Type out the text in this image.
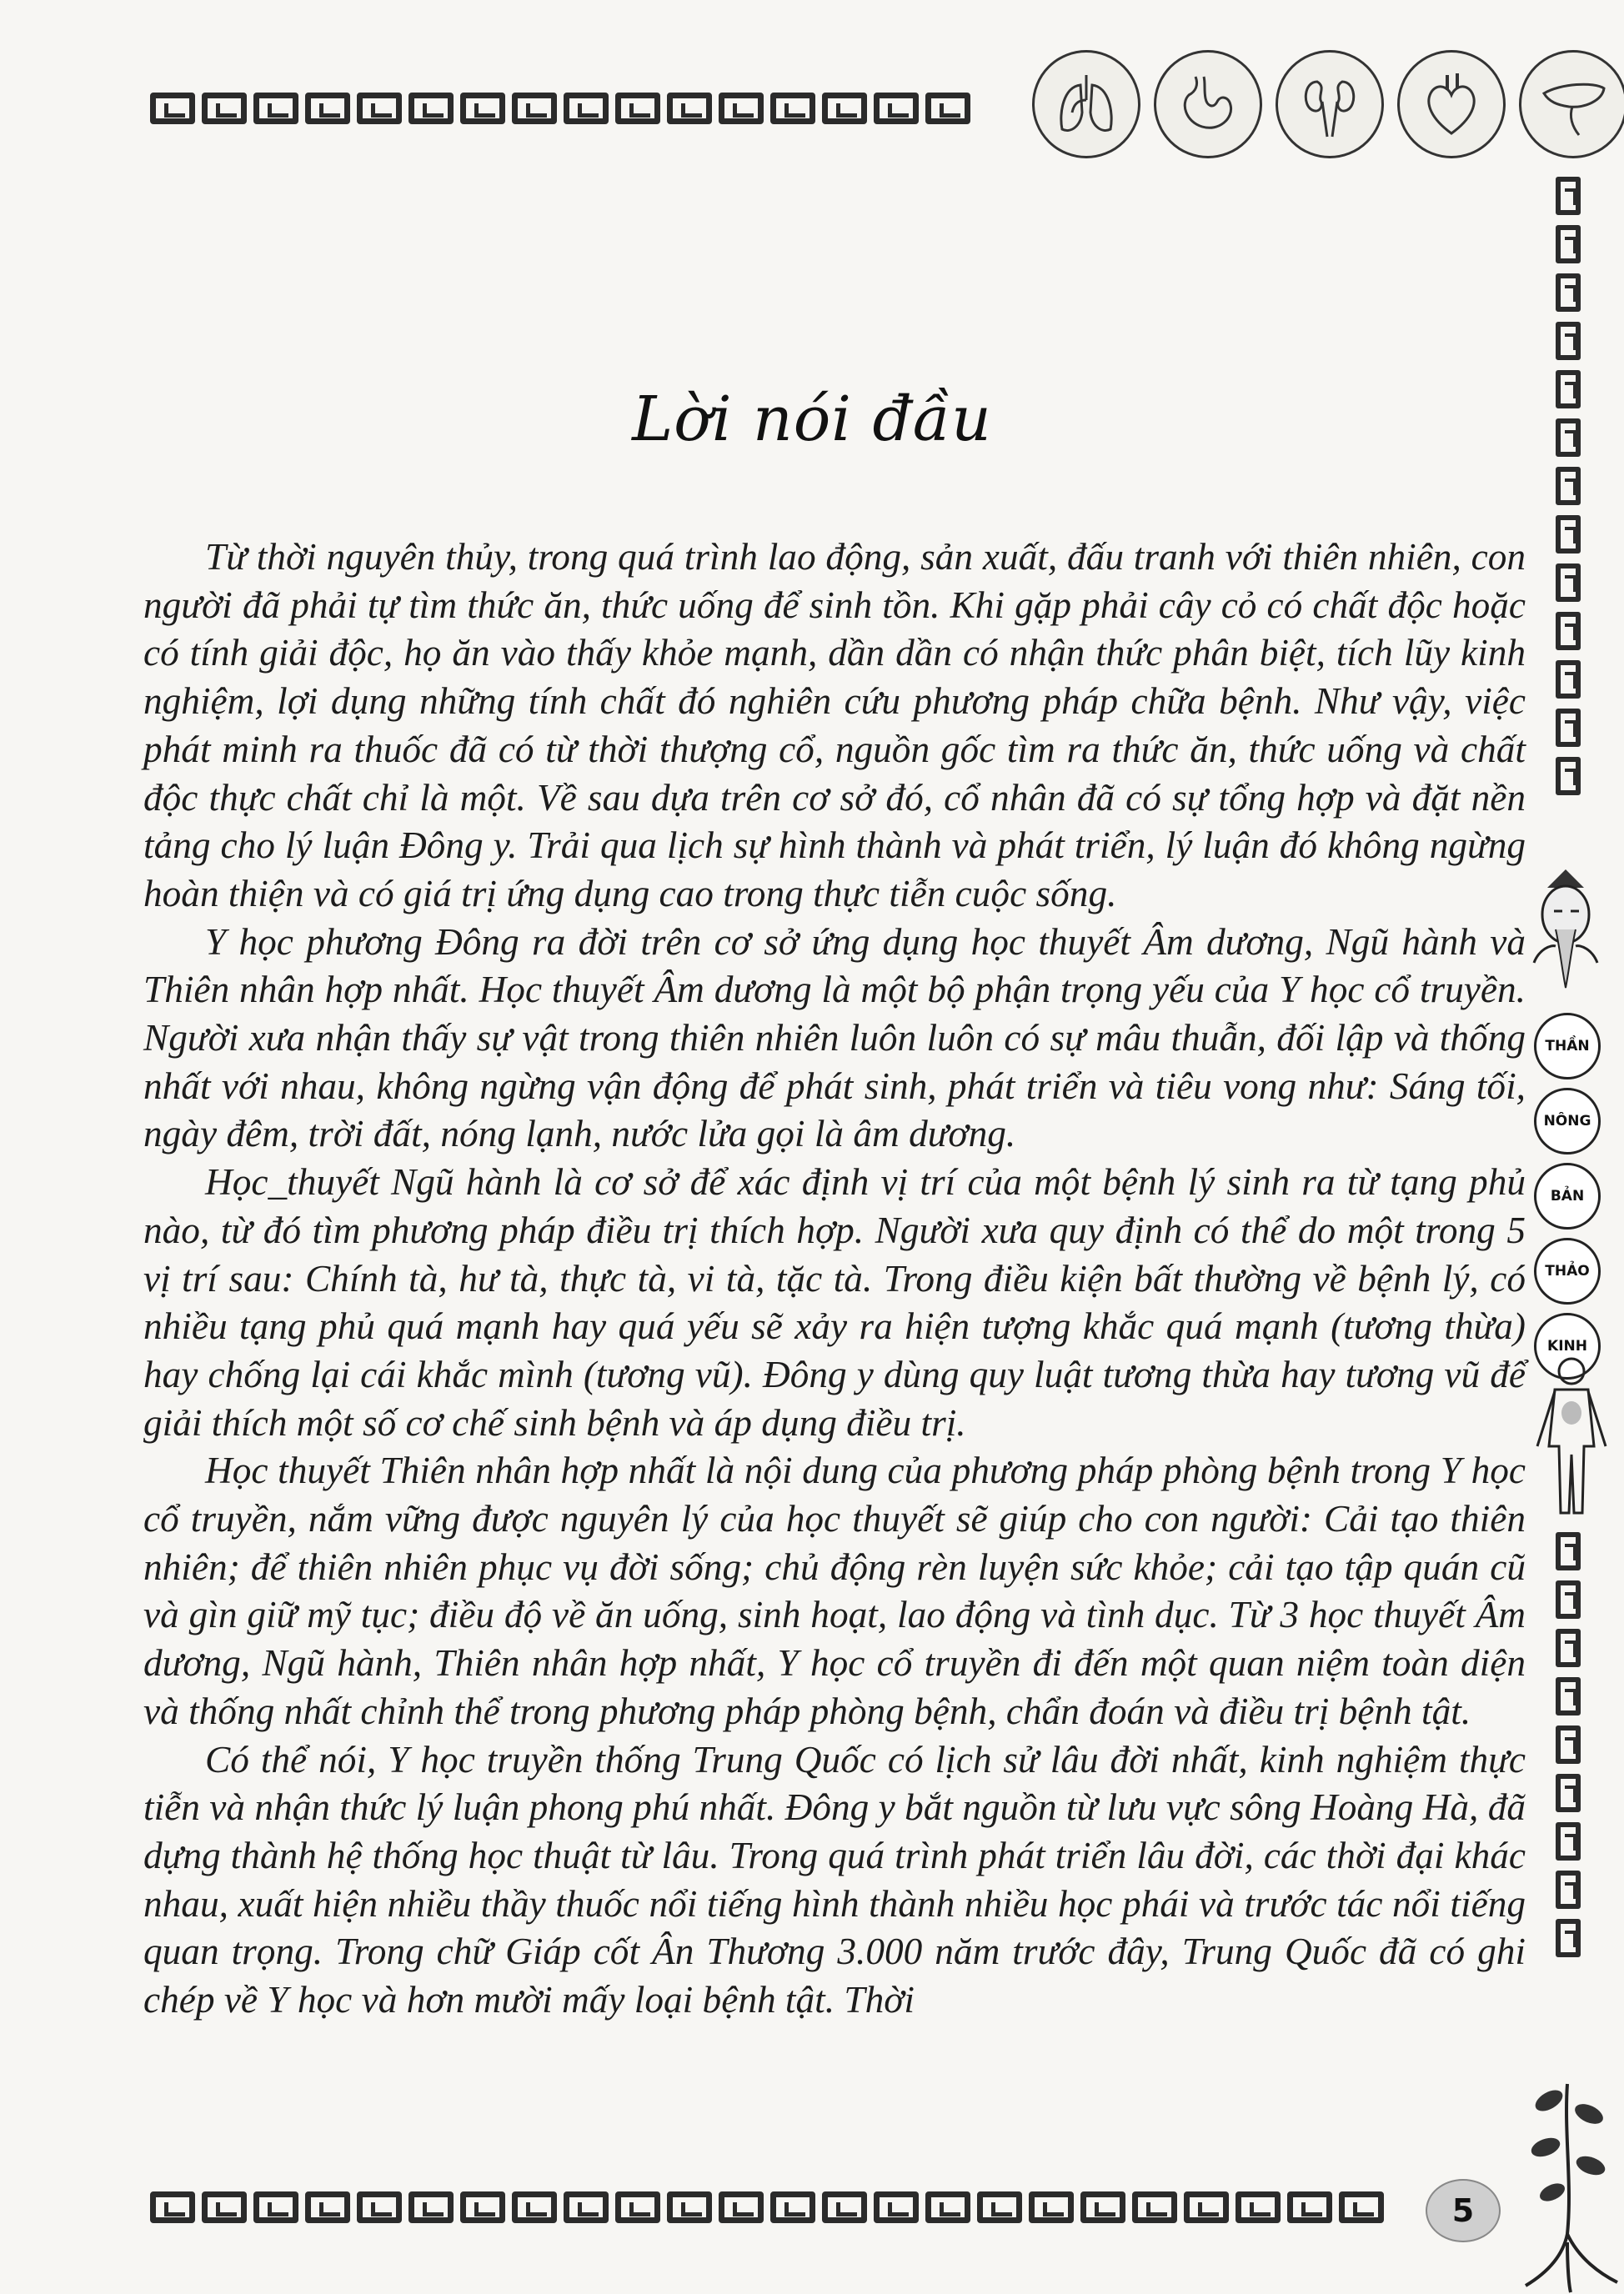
THẦN
NÔNG
BẢN
THẢO
KINH
Lời nói đầu

Từ thời nguyên thủy, trong quá trình lao động, sản xuất, đấu tranh với thiên nhiên, con người đã phải tự tìm thức ăn, thức uống để sinh tồn. Khi gặp phải cây cỏ có chất độc hoặc có tính giải độc, họ ăn vào thấy khỏe mạnh, dần dần có nhận thức phân biệt, tích lũy kinh nghiệm, lợi dụng những tính chất đó nghiên cứu phương pháp chữa bệnh. Như vậy, việc phát minh ra thuốc đã có từ thời thượng cổ, nguồn gốc tìm ra thức ăn, thức uống và chất độc thực chất chỉ là một. Về sau dựa trên cơ sở đó, cổ nhân đã có sự tổng hợp và đặt nền tảng cho lý luận Đông y. Trải qua lịch sự hình thành và phát triển, lý luận đó không ngừng hoàn thiện và có giá trị ứng dụng cao trong thực tiễn cuộc sống.

Y học phương Đông ra đời trên cơ sở ứng dụng học thuyết Âm dương, Ngũ hành và Thiên nhân hợp nhất. Học thuyết Âm dương là một bộ phận trọng yếu của Y học cổ truyền. Người xưa nhận thấy sự vật trong thiên nhiên luôn luôn có sự mâu thuẫn, đối lập và thống nhất với nhau, không ngừng vận động để phát sinh, phát triển và tiêu vong như: Sáng tối, ngày đêm, trời đất, nóng lạnh, nước lửa gọi là âm dương.

Học_thuyết Ngũ hành là cơ sở để xác định vị trí của một bệnh lý sinh ra từ tạng phủ nào, từ đó tìm phương pháp điều trị thích hợp. Người xưa quy định có thể do một trong 5 vị trí sau: Chính tà, hư tà, thực tà, vi tà, tặc tà. Trong điều kiện bất thường về bệnh lý, có nhiều tạng phủ quá mạnh hay quá yếu sẽ xảy ra hiện tượng khắc quá mạnh (tương thừa) hay chống lại cái khắc mình (tương vũ). Đông y dùng quy luật tương thừa hay tương vũ để giải thích một số cơ chế sinh bệnh và áp dụng điều trị.

Học thuyết Thiên nhân hợp nhất là nội dung của phương pháp phòng bệnh trong Y học cổ truyền, nắm vững được nguyên lý của học thuyết sẽ giúp cho con người: Cải tạo thiên nhiên; để thiên nhiên phục vụ đời sống; chủ động rèn luyện sức khỏe; cải tạo tập quán cũ và gìn giữ mỹ tục; điều độ về ăn uống, sinh hoạt, lao động và tình dục. Từ 3 học thuyết Âm dương, Ngũ hành, Thiên nhân hợp nhất, Y học cổ truyền đi đến một quan niệm toàn diện và thống nhất chỉnh thể trong phương pháp phòng bệnh, chẩn đoán và điều trị bệnh tật.

Có thể nói, Y học truyền thống Trung Quốc có lịch sử lâu đời nhất, kinh nghiệm thực tiễn và nhận thức lý luận phong phú nhất. Đông y bắt nguồn từ lưu vực sông Hoàng Hà, đã dựng thành hệ thống học thuật từ lâu. Trong quá trình phát triển lâu đời, các thời đại khác nhau, xuất hiện nhiều thầy thuốc nổi tiếng hình thành nhiều học phái và trước tác nổi tiếng quan trọng. Trong chữ Giáp cốt Ân Thương 3.000 năm trước đây, Trung Quốc đã có ghi chép về Y học và hơn mười mấy loại bệnh tật. Thời

5
